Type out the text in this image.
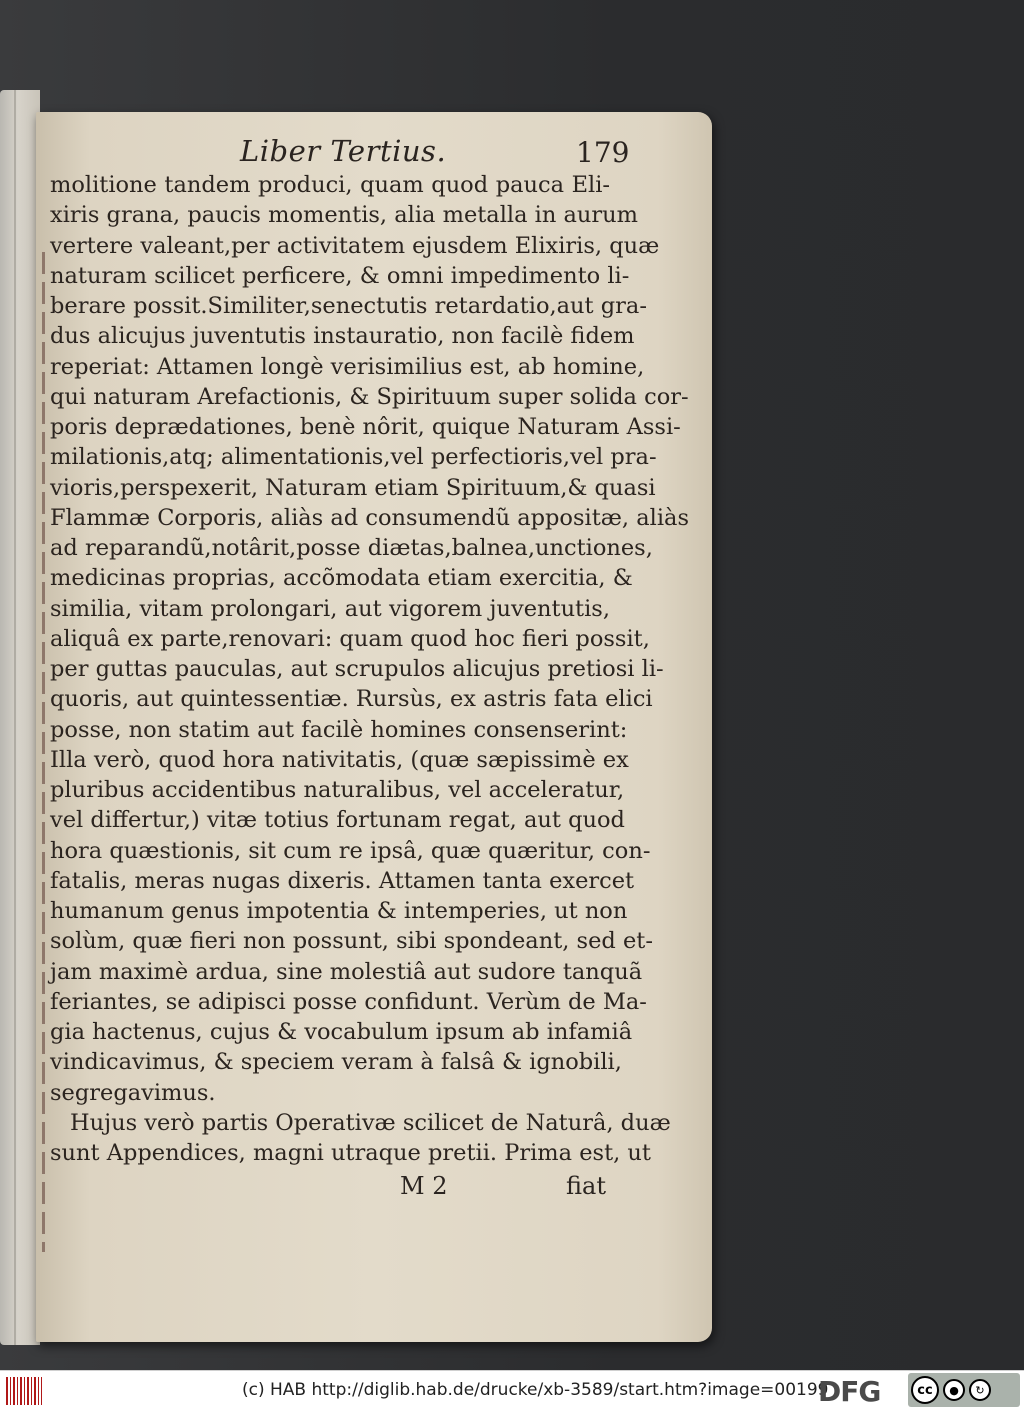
Liber Tertius.	179
molitione tandem produci, quam quod pauca Eli-
xiris grana, paucis momentis, alia metalla in aurum
vertere valeant,per activitatem ejusdem Elixiris, quæ
naturam scilicet perficere, & omni impedimento li-
berare possit.Similiter,senectutis retardatio,aut gra-
dus alicujus juventutis instauratio, non facilè fidem
reperiat: Attamen longè verisimilius est, ab homine,
qui naturam Arefactionis, & Spirituum super solida cor-
poris deprædationes, benè nôrit, quique Naturam Assi-
milationis,atq; alimentationis,vel perfectioris,vel pra-
vioris,perspexerit, Naturam etiam Spirituum,& quasi
Flammæ Corporis, aliàs ad consumendũ appositæ, aliàs
ad reparandũ,notârit,posse diætas,balnea,unctiones,
medicinas proprias, accõmodata etiam exercitia, &
similia, vitam prolongari, aut vigorem juventutis,
aliquâ ex parte,renovari: quam quod hoc fieri possit,
per guttas pauculas, aut scrupulos alicujus pretiosi li-
quoris, aut quintessentiæ. Rursùs, ex astris fata elici
posse, non statim aut facilè homines consenserint:
Illa verò, quod hora nativitatis, (quæ sæpissimè ex
pluribus accidentibus naturalibus, vel acceleratur,
vel differtur,) vitæ totius fortunam regat, aut quod
hora quæstionis, sit cum re ipsâ, quæ quæritur, con-
fatalis, meras nugas dixeris. Attamen tanta exercet
humanum genus impotentia & intemperies, ut non
solùm, quæ fieri non possunt, sibi spondeant, sed et-
jam maximè ardua, sine molestiâ aut sudore tanquã
feriantes, se adipisci posse confidunt. Verùm de Ma-
gia hactenus, cujus & vocabulum ipsum ab infamiâ
vindicavimus, & speciem veram à falsâ & ignobili,
segregavimus.
Hujus verò partis Operativæ scilicet de Naturâ, duæ
sunt Appendices, magni utraque pretii. Prima est, ut
M 2	fiat
(c) HAB http://diglib.hab.de/drucke/xb-3589/start.htm?image=00199
DFG	cc	●	↻
